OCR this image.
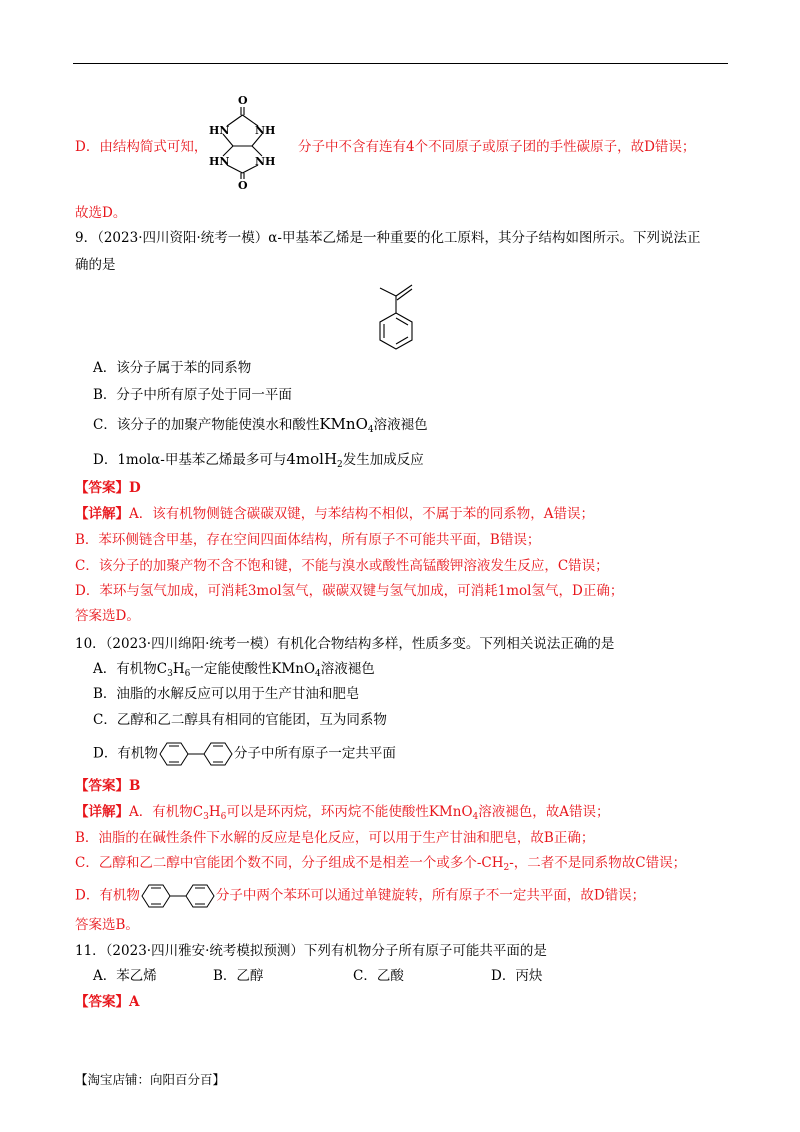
O
HN NH
HN NH
O
D．由结构简式可知，	分子中不含有连有4个不同原子或原子团的手性碳原子，故D错误；
故选D。
9．（2023·四川资阳·统考一模）α-甲基苯乙烯是一种重要的化工原料，其分子结构如图所示。下列说法正
确的是
A．该分子属于苯的同系物
B．分子中所有原子处于同一平面
C．该分子的加聚产物能使溴水和酸性KMnO$_4$溶液褪色
D．1molα-甲基苯乙烯最多可与4molH$_2$发生加成反应
【答案】D
【详解】A．该有机物侧链含碳碳双键，与苯结构不相似，不属于苯的同系物，A错误；
B．苯环侧链含甲基，存在空间四面体结构，所有原子不可能共平面，B错误；
C．该分子的加聚产物不含不饱和键，不能与溴水或酸性高锰酸钾溶液发生反应，C错误；
D．苯环与氢气加成，可消耗3mol氢气，碳碳双键与氢气加成，可消耗1mol氢气，D正确；
答案选D。
10．（2023·四川绵阳·统考一模）有机化合物结构多样，性质多变。下列相关说法正确的是
A．有机物$C_3H_6$一定能使酸性KMnO$_4$溶液褪色
B．油脂的水解反应可以用于生产甘油和肥皂
C．乙醇和乙二醇具有相同的官能团，互为同系物
D．有机物	分子中所有原子一定共平面
【答案】B
【详解】A．有机物$C_3H_6$可以是环丙烷，环丙烷不能使酸性KMnO$_4$溶液褪色，故A错误；
B．油脂的在碱性条件下水解的反应是皂化反应，可以用于生产甘油和肥皂，故B正确；
C．乙醇和乙二醇中官能团个数不同，分子组成不是相差一个或多个$-CH_2-$，二者不是同系物故C错误；
D．有机物	分子中两个苯环可以通过单键旋转，所有原子不一定共平面，故D错误；
答案选B。
11．（2023·四川雅安·统考模拟预测）下列有机物分子所有原子可能共平面的是
A．苯乙烯	B．乙醇	C．乙酸	D．丙炔
【答案】A
【淘宝店铺：向阳百分百】
